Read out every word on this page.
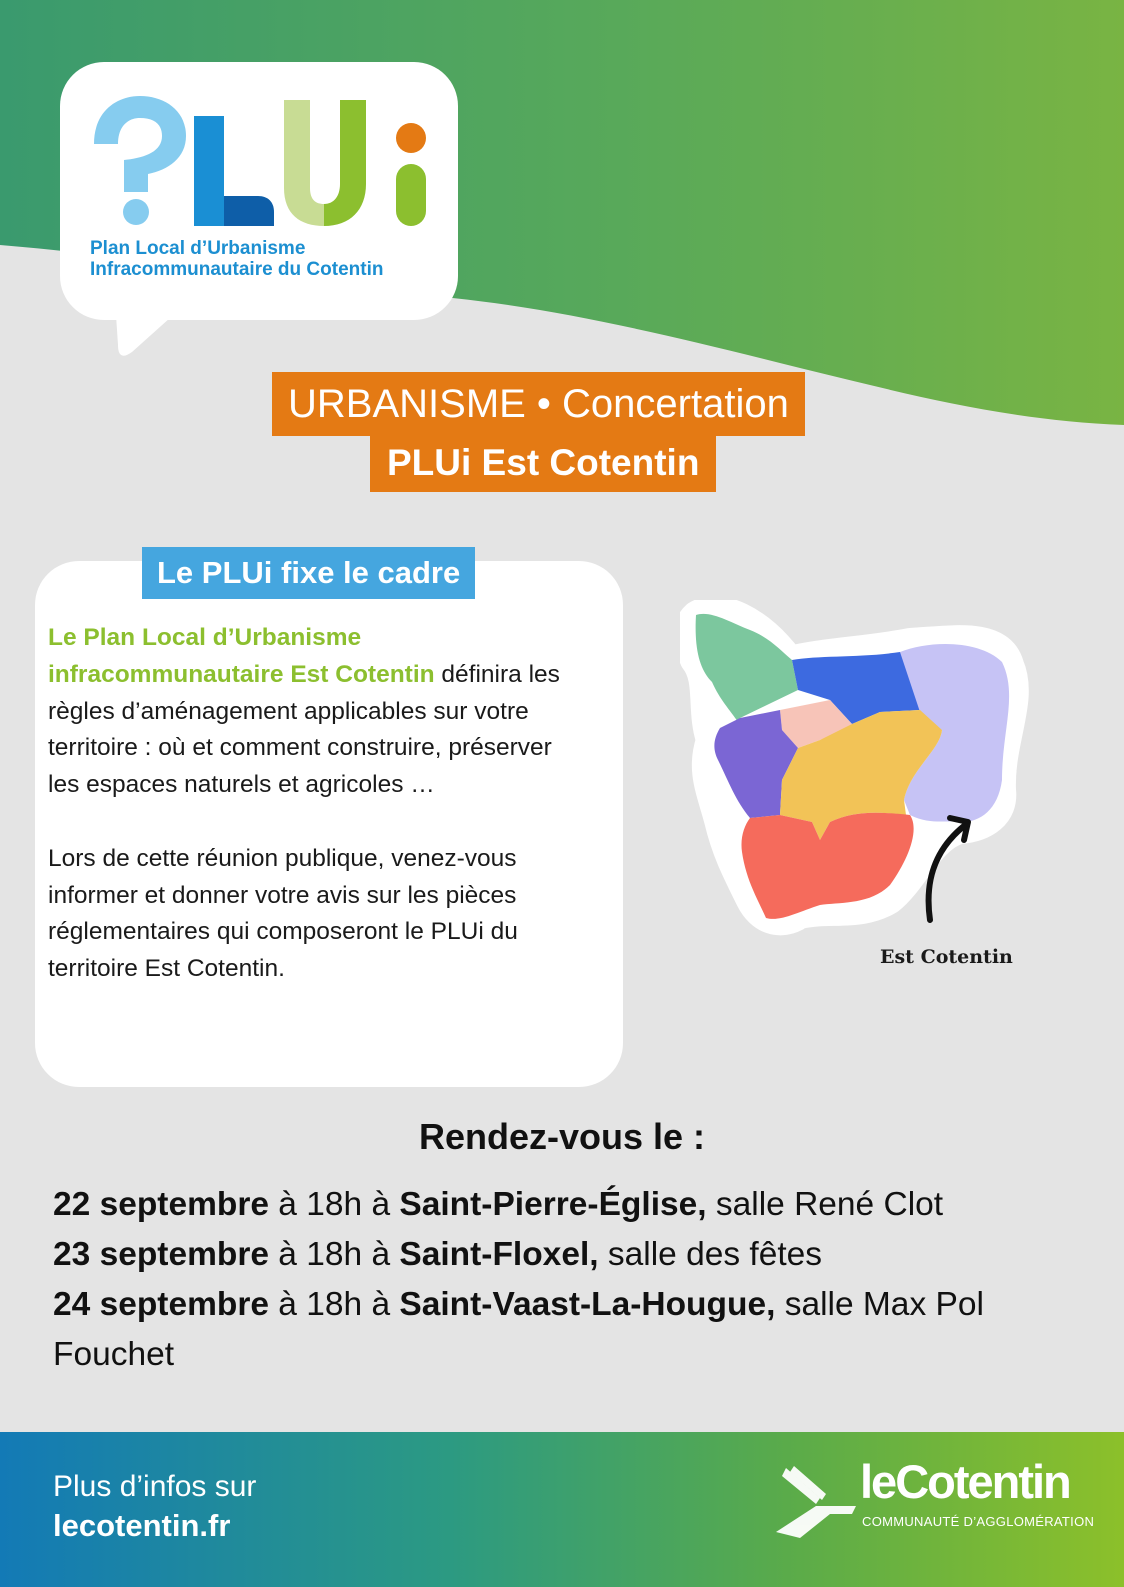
Plan Local d’Urbanisme
Infracommunautaire du Cotentin
URBANISME • Concertation
PLUi Est Cotentin
Le PLUi fixe le cadre

Le Plan Local d’Urbanisme infracommunautaire Est Cotentin définira les règles d’aménagement applicables sur votre territoire : où et comment construire, préserver les espaces naturels et agricoles …

Lors de cette réunion publique, venez-vous informer et donner votre avis sur les pièces réglementaires qui composeront le PLUi du territoire Est Cotentin.	Est Cotentin
Rendez-vous le :

22 septembre à 18h à Saint-Pierre-Église, salle René Clot

23 septembre à 18h à Saint-Floxel, salle des fêtes

24 septembre à 18h à Saint-Vaast-La-Hougue, salle Max Pol Fouchet

Plus d’infos sur
lecotentin.fr
leCotentin
COMMUNAUTÉ D’AGGLOMÉRATION
